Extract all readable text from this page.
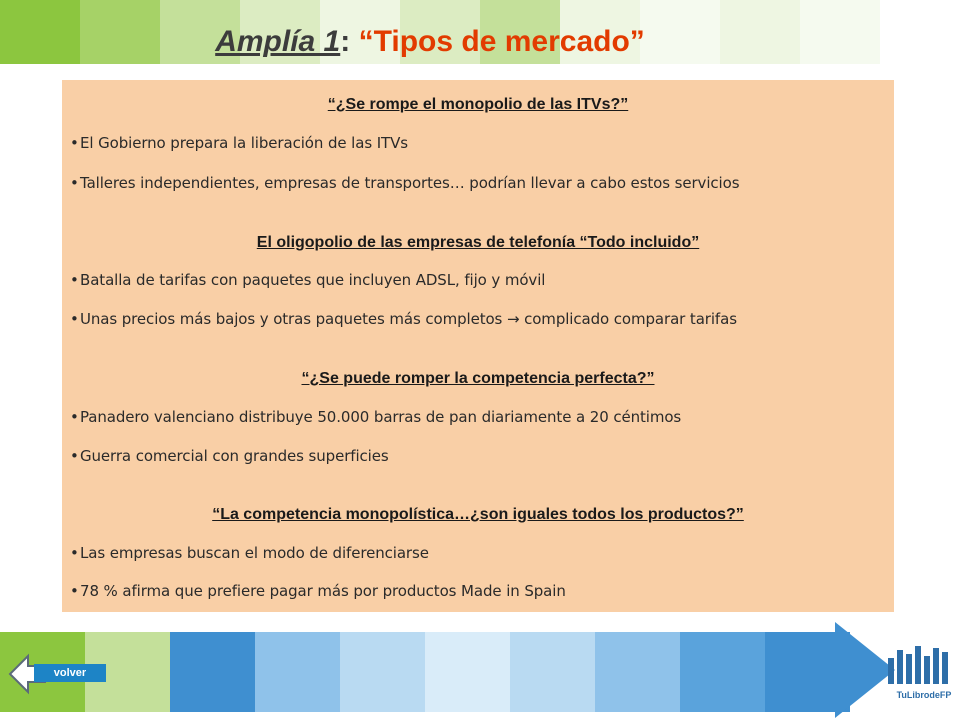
Amplía 1: “Tipos de mercado”
“¿Se rompe el monopolio de las ITVs?”
•El Gobierno prepara la liberación de las ITVs
•Talleres independientes, empresas de transportes… podrían llevar a cabo estos servicios
El oligopolio de las empresas de telefonía “Todo incluido”
•Batalla de tarifas con paquetes que incluyen ADSL, fijo y móvil
•Unas precios más bajos y otras paquetes más completos → complicado comparar tarifas
“¿Se puede romper la competencia perfecta?”
•Panadero valenciano distribuye 50.000 barras de pan diariamente a 20 céntimos
•Guerra comercial con grandes superficies
“La competencia monopolística…¿son iguales todos los productos?”
•Las empresas buscan el modo de diferenciarse
•78 % afirma que prefiere pagar más por productos Made in Spain
volver
TuLibrodeFP
